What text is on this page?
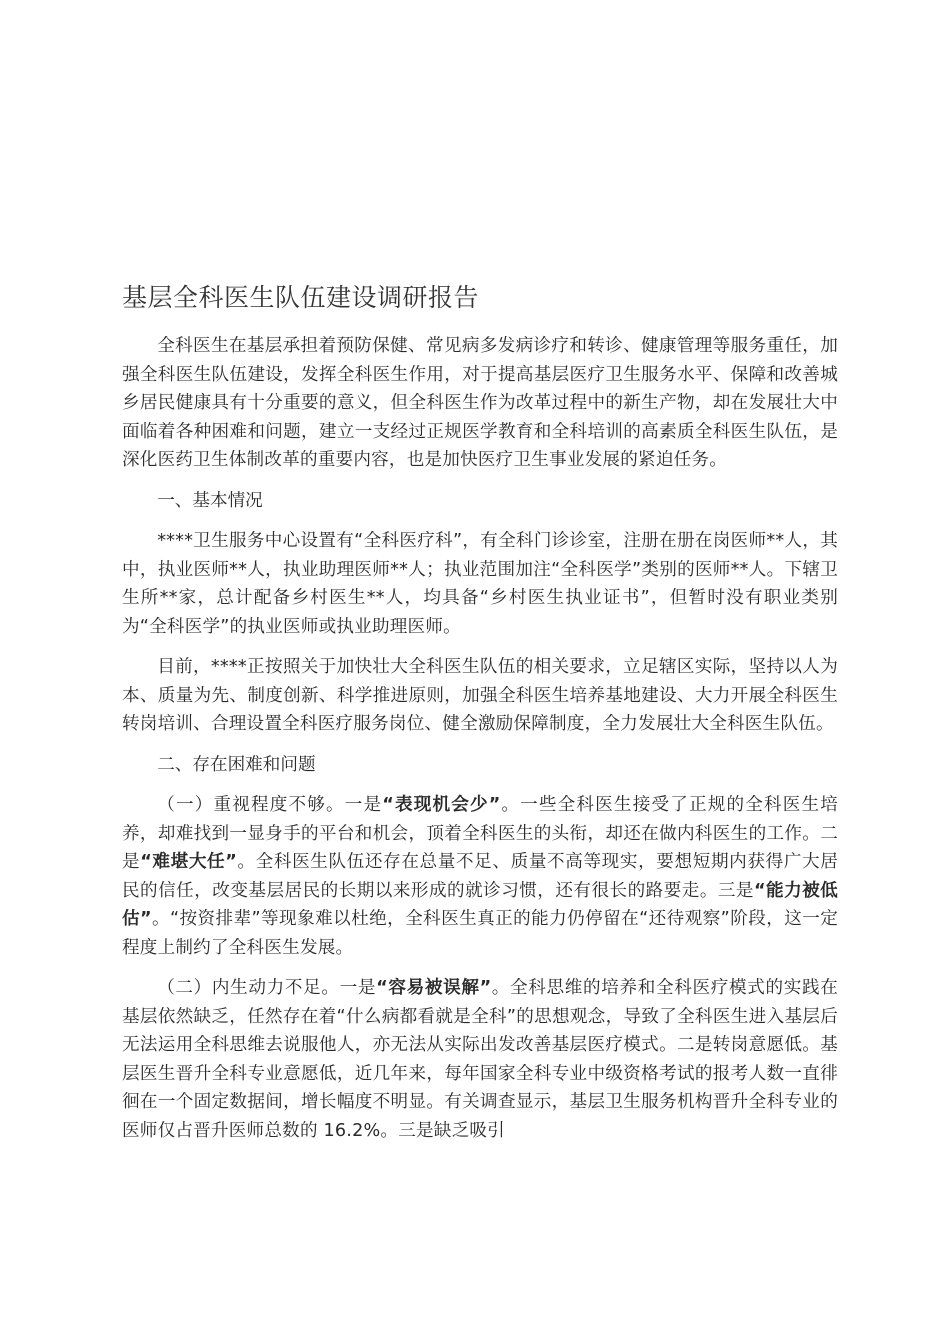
基层全科医生队伍建设调研报告

全科医生在基层承担着预防保健、常见病多发病诊疗和转诊、健康管理等服务重任，加强全科医生队伍建设，发挥全科医生作用，对于提高基层医疗卫生服务水平、保障和改善城乡居民健康具有十分重要的意义，但全科医生作为改革过程中的新生产物，却在发展壮大中面临着各种困难和问题，建立一支经过正规医学教育和全科培训的高素质全科医生队伍，是深化医药卫生体制改革的重要内容，也是加快医疗卫生事业发展的紧迫任务。

一、基本情况

****卫生服务中心设置有“全科医疗科”，有全科门诊诊室，注册在册在岗医师**人，其中，执业医师**人，执业助理医师**人；执业范围加注“全科医学”类别的医师**人。下辖卫生所**家，总计配备乡村医生**人，均具备“乡村医生执业证书”，但暂时没有职业类别为“全科医学”的执业医师或执业助理医师。

目前，****正按照关于加快壮大全科医生队伍的相关要求，立足辖区实际，坚持以人为本、质量为先、制度创新、科学推进原则，加强全科医生培养基地建设、大力开展全科医生转岗培训、合理设置全科医疗服务岗位、健全激励保障制度，全力发展壮大全科医生队伍。

二、存在困难和问题

（一）重视程度不够。一是“表现机会少”。一些全科医生接受了正规的全科医生培养，却难找到一显身手的平台和机会，顶着全科医生的头衔，却还在做内科医生的工作。二是“难堪大任”。全科医生队伍还存在总量不足、质量不高等现实，要想短期内获得广大居民的信任，改变基层居民的长期以来形成的就诊习惯，还有很长的路要走。三是“能力被低估”。“按资排辈”等现象难以杜绝，全科医生真正的能力仍停留在“还待观察”阶段，这一定程度上制约了全科医生发展。

（二）内生动力不足。一是“容易被误解”。全科思维的培养和全科医疗模式的实践在基层依然缺乏，任然存在着“什么病都看就是全科”的思想观念，导致了全科医生进入基层后无法运用全科思维去说服他人，亦无法从实际出发改善基层医疗模式。二是转岗意愿低。基层医生晋升全科专业意愿低，近几年来，每年国家全科专业中级资格考试的报考人数一直徘徊在一个固定数据间，增长幅度不明显。有关调查显示，基层卫生服务机构晋升全科专业的医师仅占晋升医师总数的 16.2%。三是缺乏吸引
